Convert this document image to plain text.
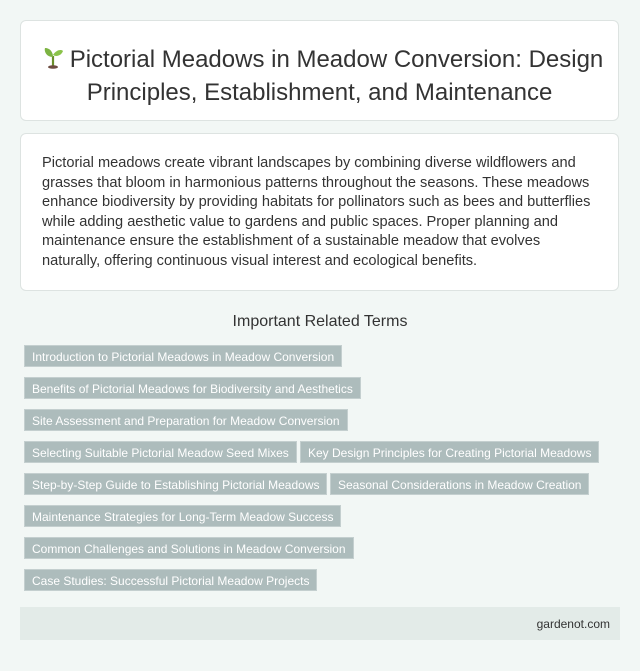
Pictorial Meadows in Meadow Conversion: Design Principles, Establishment, and Maintenance

Pictorial meadows create vibrant landscapes by combining diverse wildflowers and grasses that bloom in harmonious patterns throughout the seasons. These meadows enhance biodiversity by providing habitats for pollinators such as bees and butterflies while adding aesthetic value to gardens and public spaces. Proper planning and maintenance ensure the establishment of a sustainable meadow that evolves naturally, offering continuous visual interest and ecological benefits.

Important Related Terms
Introduction to Pictorial Meadows in Meadow Conversion
Benefits of Pictorial Meadows for Biodiversity and Aesthetics
Site Assessment and Preparation for Meadow Conversion
Selecting Suitable Pictorial Meadow Seed Mixes	Key Design Principles for Creating Pictorial Meadows
Step-by-Step Guide to Establishing Pictorial Meadows	Seasonal Considerations in Meadow Creation
Maintenance Strategies for Long-Term Meadow Success
Common Challenges and Solutions in Meadow Conversion
Case Studies: Successful Pictorial Meadow Projects
gardenot.com
